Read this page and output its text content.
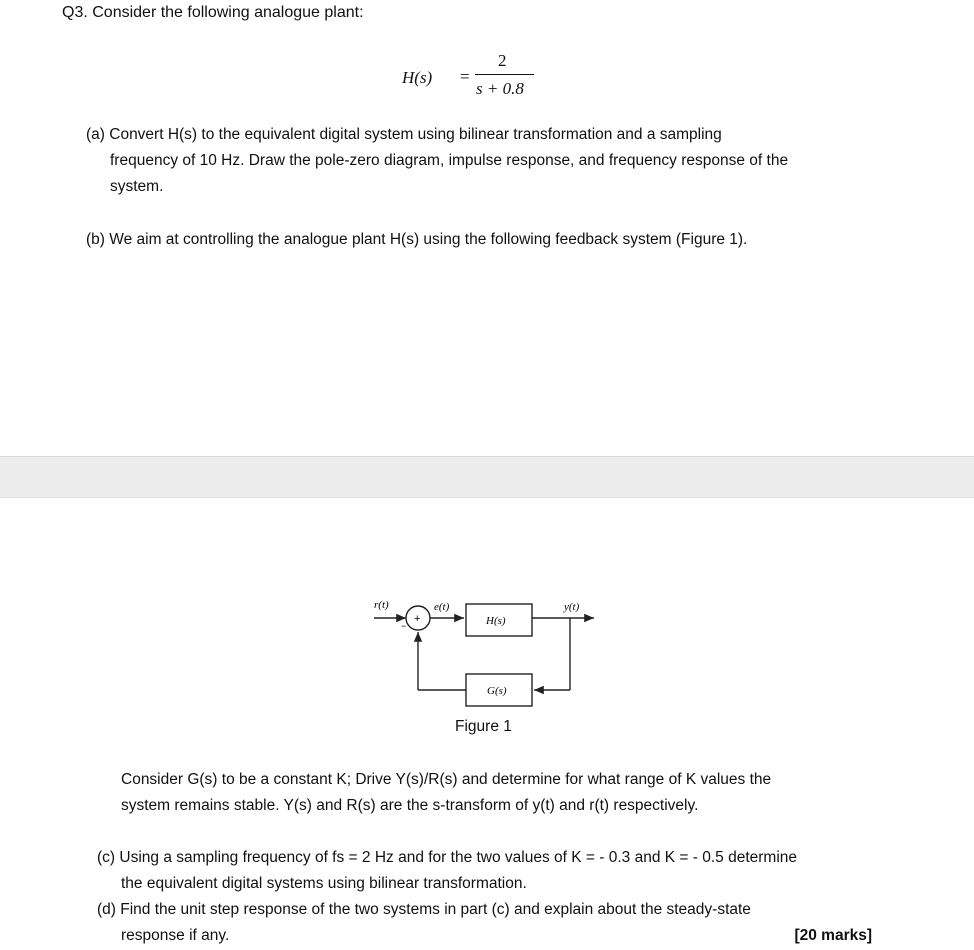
Q3. Consider the following analogue plant:
H(s) =
2
s + 0.8
(a) Convert H(s) to the equivalent digital system using bilinear transformation and a sampling
frequency of 10 Hz. Draw the pole-zero diagram, impulse response, and frequency response of the
system.
(b) We aim at controlling the analogue plant H(s) using the following feedback system (Figure 1).
r(t)
+
−
e(t)
H(s)
y(t)
G(s)
Figure 1
Consider G(s) to be a constant K; Drive Y(s)/R(s) and determine for what range of K values the
system remains stable. Y(s) and R(s) are the s-transform of y(t) and r(t) respectively.
(c) Using a sampling frequency of fs = 2 Hz and for the two values of K = - 0.3 and K = - 0.5 determine
the equivalent digital systems using bilinear transformation.
(d) Find the unit step response of the two systems in part (c) and explain about the steady-state
response if any.	[20 marks]
